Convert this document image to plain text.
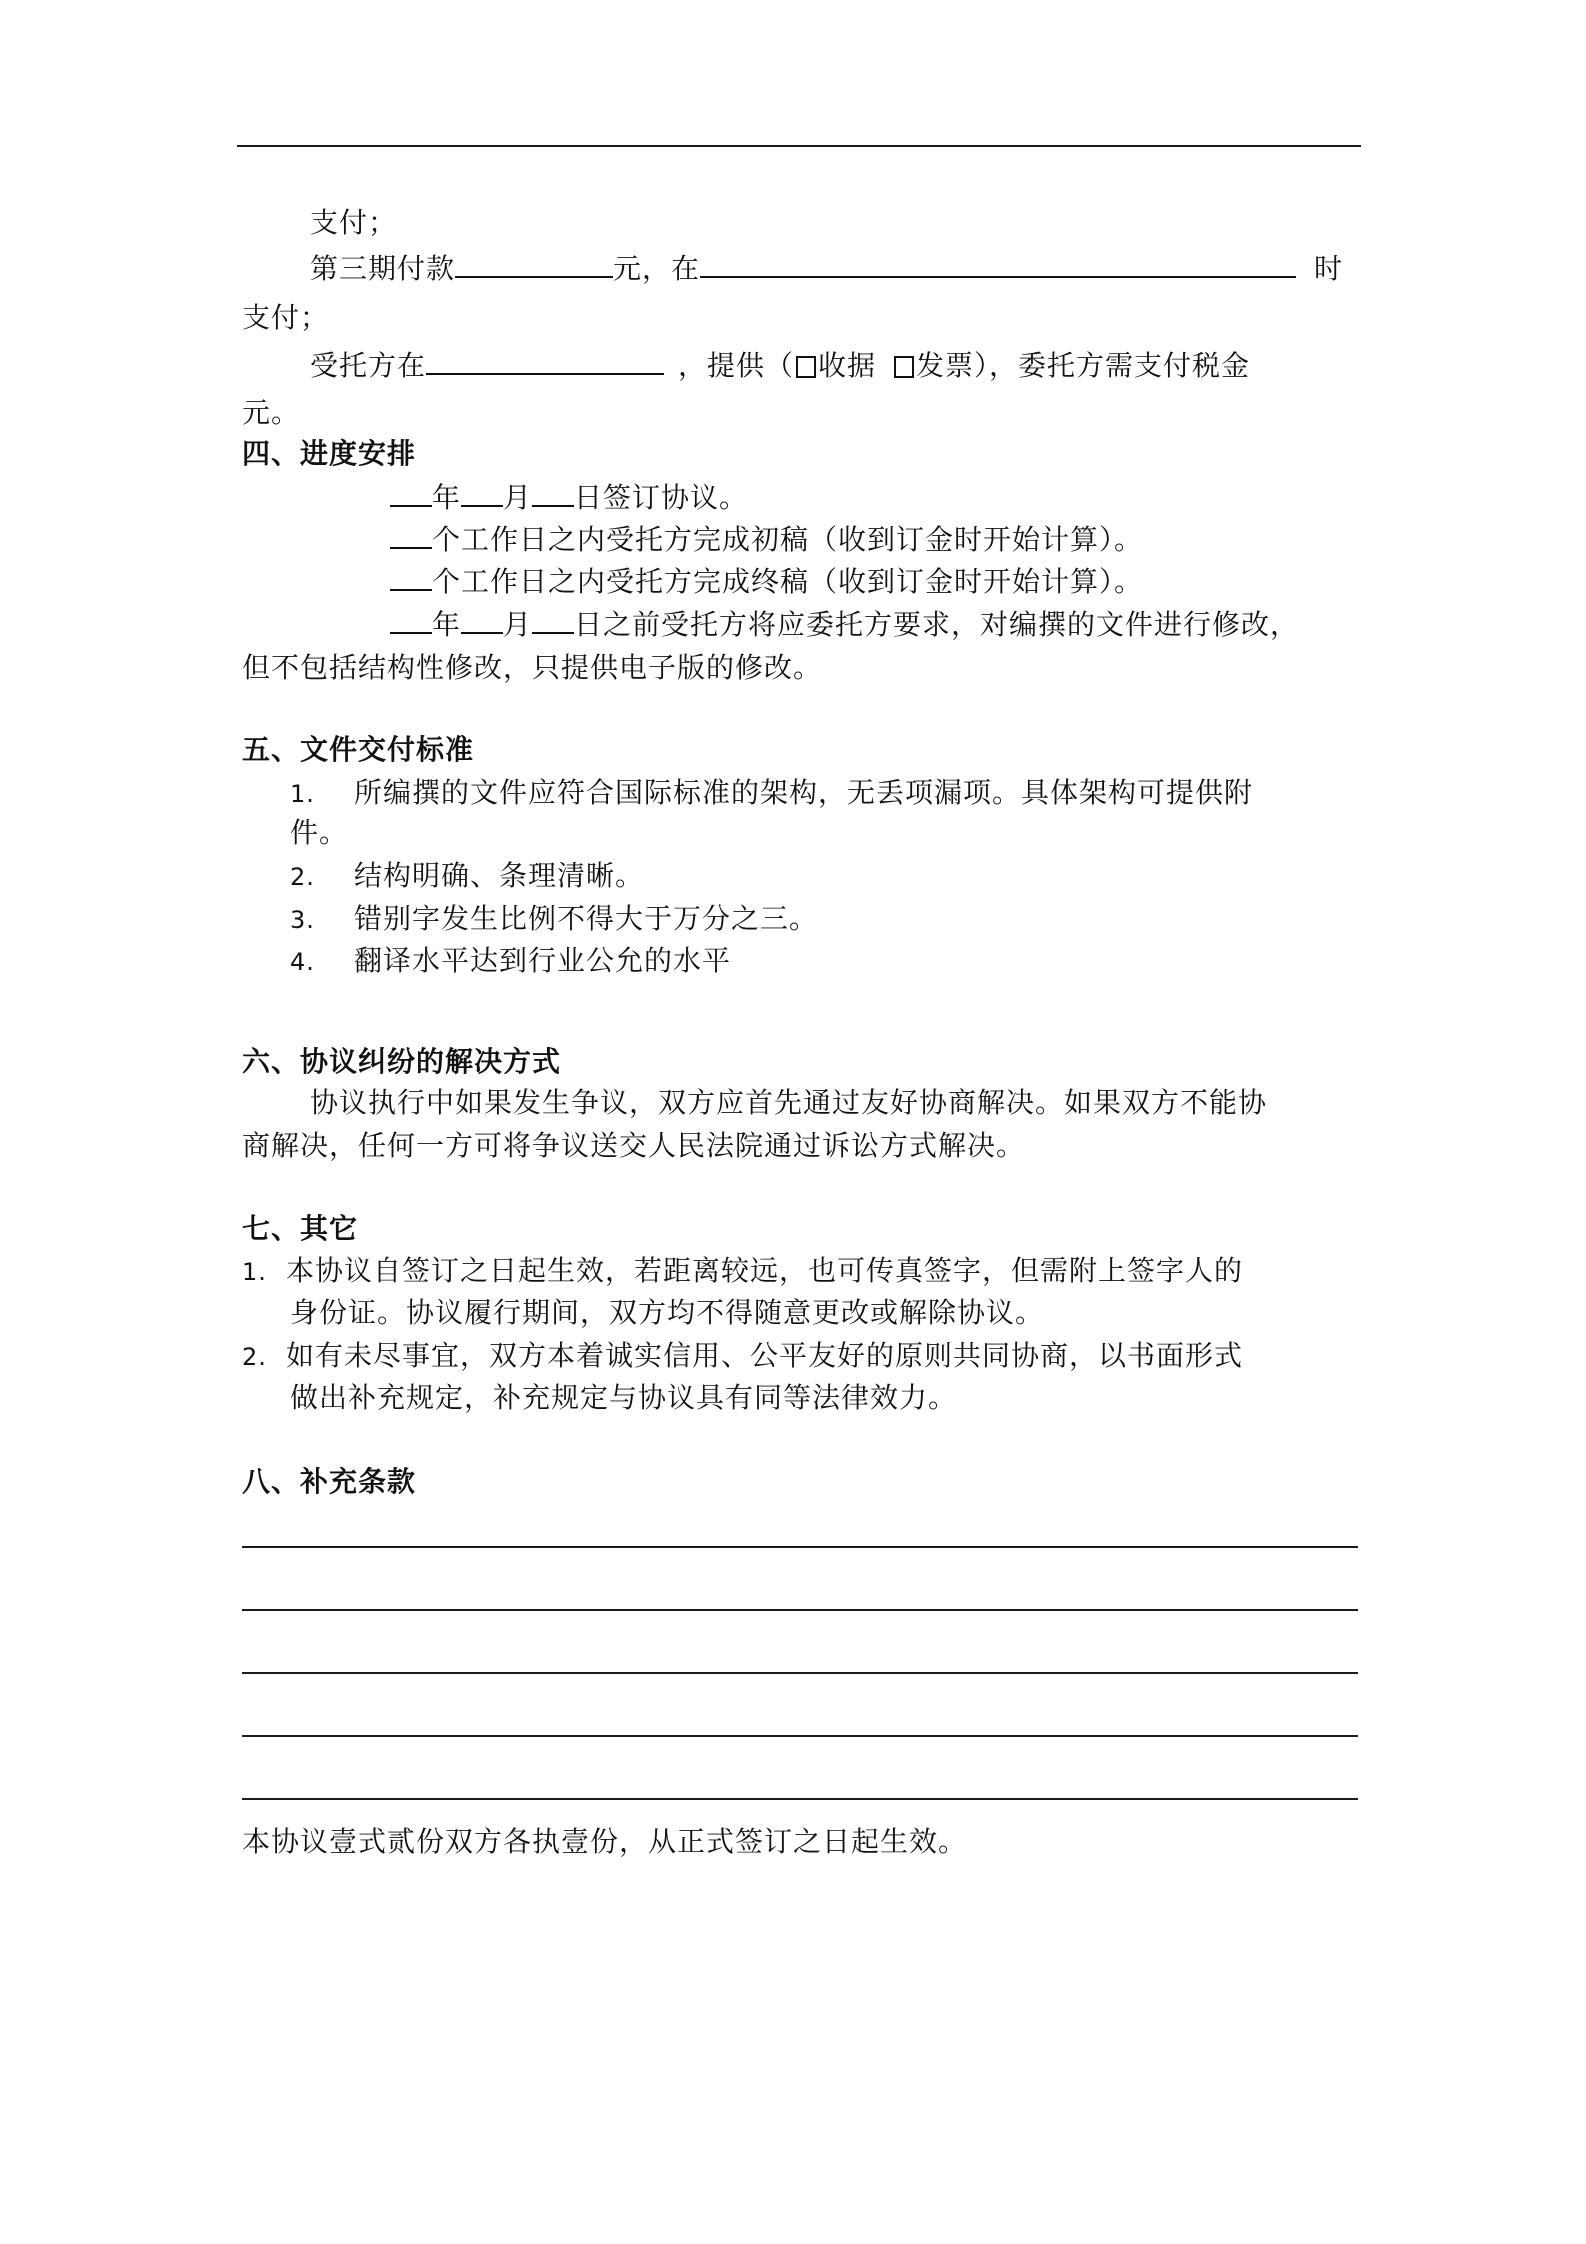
支付；
第三期付款	元，在	时
支付；
受托方在	，提供（ 收据 发票），委托方需支付税金
元。
四、进度安排
年 月 日签订协议。
个工作日之内受托方完成初稿（收到订金时开始计算）。
个工作日之内受托方完成终稿（收到订金时开始计算）。
年 月 日之前受托方将应委托方要求，对编撰的文件进行修改，
但不包括结构性修改，只提供电子版的修改。
五、文件交付标准
1. 所编撰的文件应符合国际标准的架构，无丢项漏项。具体架构可提供附
件。
2. 结构明确、条理清晰。
3. 错别字发生比例不得大于万分之三。
4. 翻译水平达到行业公允的水平
六、协议纠纷的解决方式
协议执行中如果发生争议，双方应首先通过友好协商解决。如果双方不能协
商解决，任何一方可将争议送交人民法院通过诉讼方式解决。
七、其它
1. 本协议自签订之日起生效，若距离较远，也可传真签字，但需附上签字人的
身份证。协议履行期间，双方均不得随意更改或解除协议。
2. 如有未尽事宜，双方本着诚实信用、公平友好的原则共同协商，以书面形式
做出补充规定，补充规定与协议具有同等法律效力。
八、补充条款
本协议壹式贰份双方各执壹份，从正式签订之日起生效。
